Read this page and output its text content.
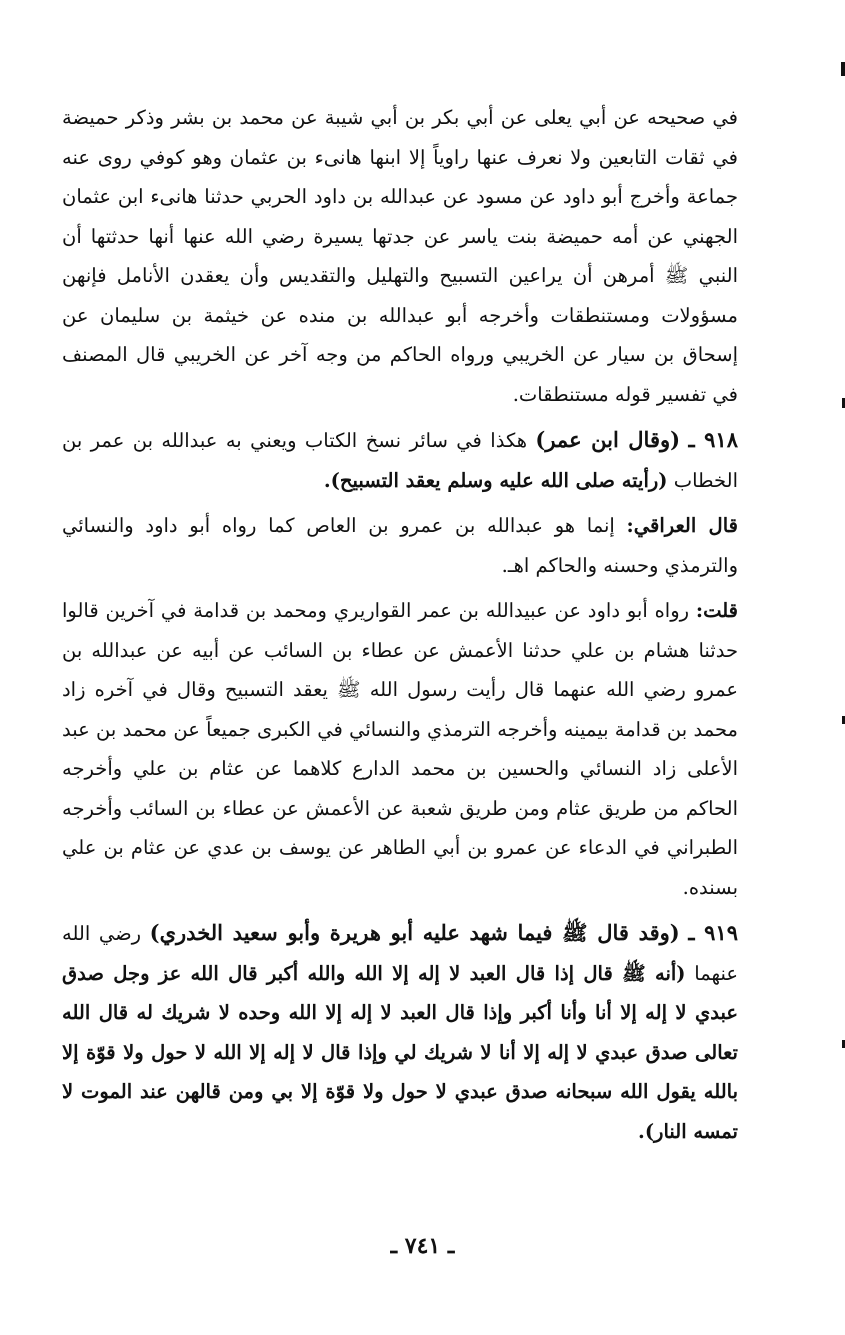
في صحيحه عن أبي يعلى عن أبي بكر بن أبي شيبة عن محمد بن بشر وذكر حميضة في ثقات التابعين ولا نعرف عنها راوياً إلا ابنها هانىء بن عثمان وهو كوفي روى عنه جماعة وأخرج أبو داود عن مسود عن عبدالله بن داود الحربي حدثنا هانىء ابن عثمان الجهني عن أمه حميضة بنت ياسر عن جدتها يسيرة رضي الله عنها أنها حدثتها أن النبي ﷺ أمرهن أن يراعين التسبيح والتهليل والتقديس وأن يعقدن الأنامل فإنهن مسؤولات ومستنطقات وأخرجه أبو عبدالله بن منده عن خيثمة بن سليمان عن إسحاق بن سيار عن الخريبي ورواه الحاكم من وجه آخر عن الخريبي قال المصنف في تفسير قوله مستنطقات.

٩١٨ ـ (وقال ابن عمر) هكذا في سائر نسخ الكتاب ويعني به عبدالله بن عمر بن الخطاب (رأيته صلى الله عليه وسلم يعقد التسبيح).

قال العراقي: إنما هو عبدالله بن عمرو بن العاص كما رواه أبو داود والنسائي والترمذي وحسنه والحاكم اهـ.

قلت: رواه أبو داود عن عبيدالله بن عمر القواريري ومحمد بن قدامة في آخرين قالوا حدثنا هشام بن علي حدثنا الأعمش عن عطاء بن السائب عن أبيه عن عبدالله بن عمرو رضي الله عنهما قال رأيت رسول الله ﷺ يعقد التسبيح وقال في آخره زاد محمد بن قدامة بيمينه وأخرجه الترمذي والنسائي في الكبرى جميعاً عن محمد بن عبد الأعلى زاد النسائي والحسين بن محمد الدارع كلاهما عن عثام بن علي وأخرجه الحاكم من طريق عثام ومن طريق شعبة عن الأعمش عن عطاء بن السائب وأخرجه الطبراني في الدعاء عن عمرو بن أبي الطاهر عن يوسف بن عدي عن عثام بن علي بسنده.

٩١٩ ـ (وقد قال ﷺ فيما شهد عليه أبو هريرة وأبو سعيد الخدري) رضي الله عنهما (أنه ﷺ قال إذا قال العبد لا إله إلا الله والله أكبر قال الله عز وجل صدق عبدي لا إله إلا أنا وأنا أكبر وإذا قال العبد لا إله إلا الله وحده لا شريك له قال الله تعالى صدق عبدي لا إله إلا أنا لا شريك لي وإذا قال لا إله إلا الله لا حول ولا قوّة إلا بالله يقول الله سبحانه صدق عبدي لا حول ولا قوّة إلا بي ومن قالهن عند الموت لا تمسه النار).

ـ ٧٤١ ـ
